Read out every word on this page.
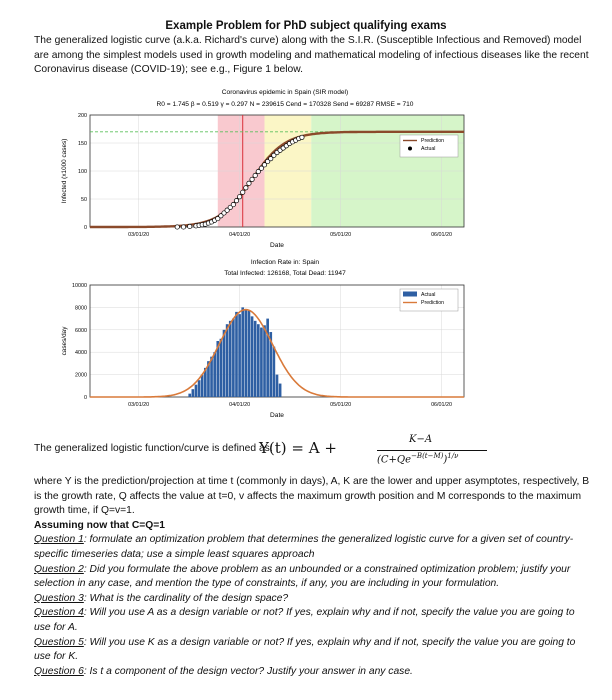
Example Problem for PhD subject qualifying exams
The generalized logistic curve (a.k.a. Richard's curve) along with the S.I.R. (Susceptible Infectious and Removed) model are among the simplest models used in growth modeling and mathematical modeling of infectious diseases like the recent Coronavirus disease (COVID-19); see e.g., Figure 1 below.
Coronavirus epidemic in Spain (SIR model)
R0 = 1.745 β = 0.519 γ = 0.297 N = 239615 Cend = 170328 Send = 69287 RMSE = 710
0
50
100
150
200
03/01/20	04/01/20	05/01/20	06/01/20
Infected (x1000 cases)
Date
Prediction
Actual
Infection Rate in: Spain
Total Infected: 126168, Total Dead: 11947
0
2000
4000
6000
8000
10000
03/01/20	04/01/20	05/01/20	06/01/20
cases/day
Date
Actual
Prediction
The generalized logistic function/curve is defined as:
Y(t) = A +	K−A
$(C+Qe^{-B(t-M)})^{1/\nu}$

where Y is the prediction/projection at time t (commonly in days), A, K are the lower and upper asymptotes, respectively, B is the growth rate, Q affects the value at t=0, v affects the maximum growth position and M corresponds to the maximum growth time, if Q=v=1.

Assuming now that C=Q=1

Question 1: formulate an optimization problem that determines the generalized logistic curve for a given set of country-specific timeseries data; use a simple least squares approach

Question 2: Did you formulate the above problem as an unbounded or a constrained optimization problem; justify your selection in any case, and mention the type of constraints, if any, you are including in your formulation.

Question 3: What is the cardinality of the design space?

Question 4: Will you use A as a design variable or not? If yes, explain why and if not, specify the value you are going to use for A.

Question 5: Will you use K as a design variable or not? If yes, explain why and if not, specify the value you are going to use for K.

Question 6: Is t a component of the design vector? Justify your answer in any case.
